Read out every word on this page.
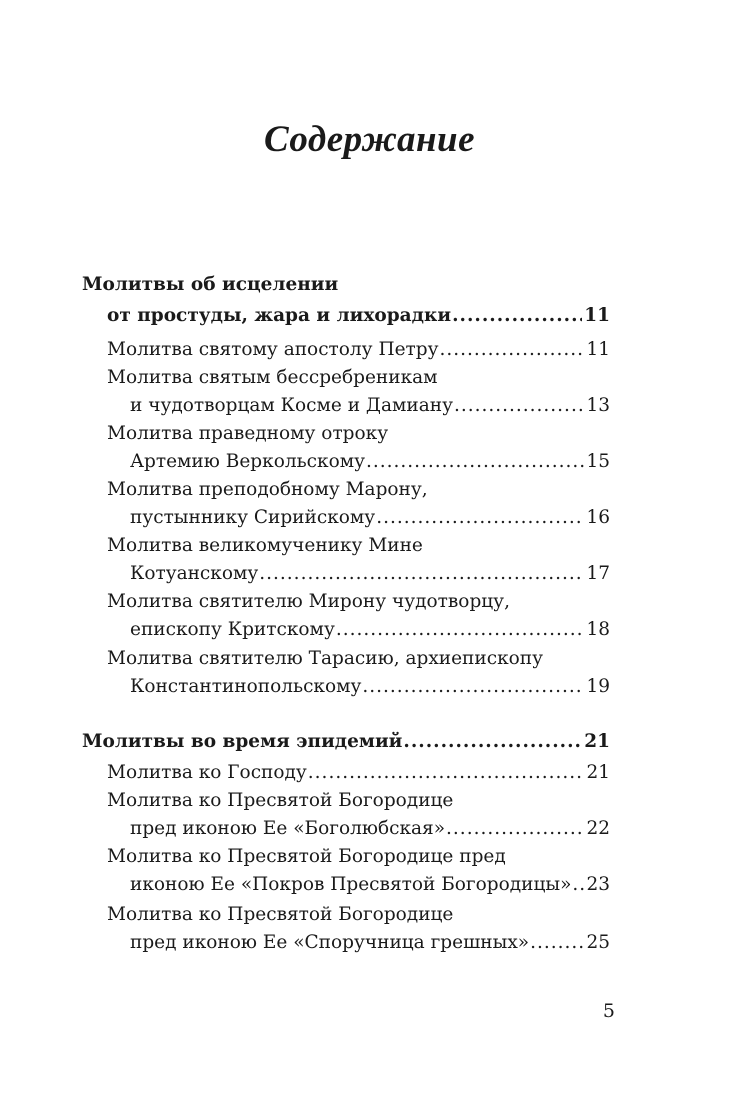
Содержание
Молитвы об исцелении
от простуды, жара и лихорадки .....	11
Молитва святому апостолу Петру .....	11
Молитва святым бессребреникам
и чудотворцам Косме и Дамиану .....	13
Молитва праведному отроку
Артемию Веркольскому .....	15
Молитва преподобному Марону,
пустыннику Сирийскому .....	16
Молитва великомученику Мине
Котуанскому .....	17
Молитва святителю Мирону чудотворцу,
епископу Критскому .....	18
Молитва святителю Тарасию, архиепископу
Константинопольскому .....	19
Молитвы во время эпидемий .....	21
Молитва ко Господу .....	21
Молитва ко Пресвятой Богородице
пред иконою Ее «Боголюбская» .....	22
Молитва ко Пресвятой Богородице пред
иконою Ее «Покров Пресвятой Богородицы» ..... 23
Молитва ко Пресвятой Богородице
пред иконою Ее «Споручница грешных» .....	25
5
